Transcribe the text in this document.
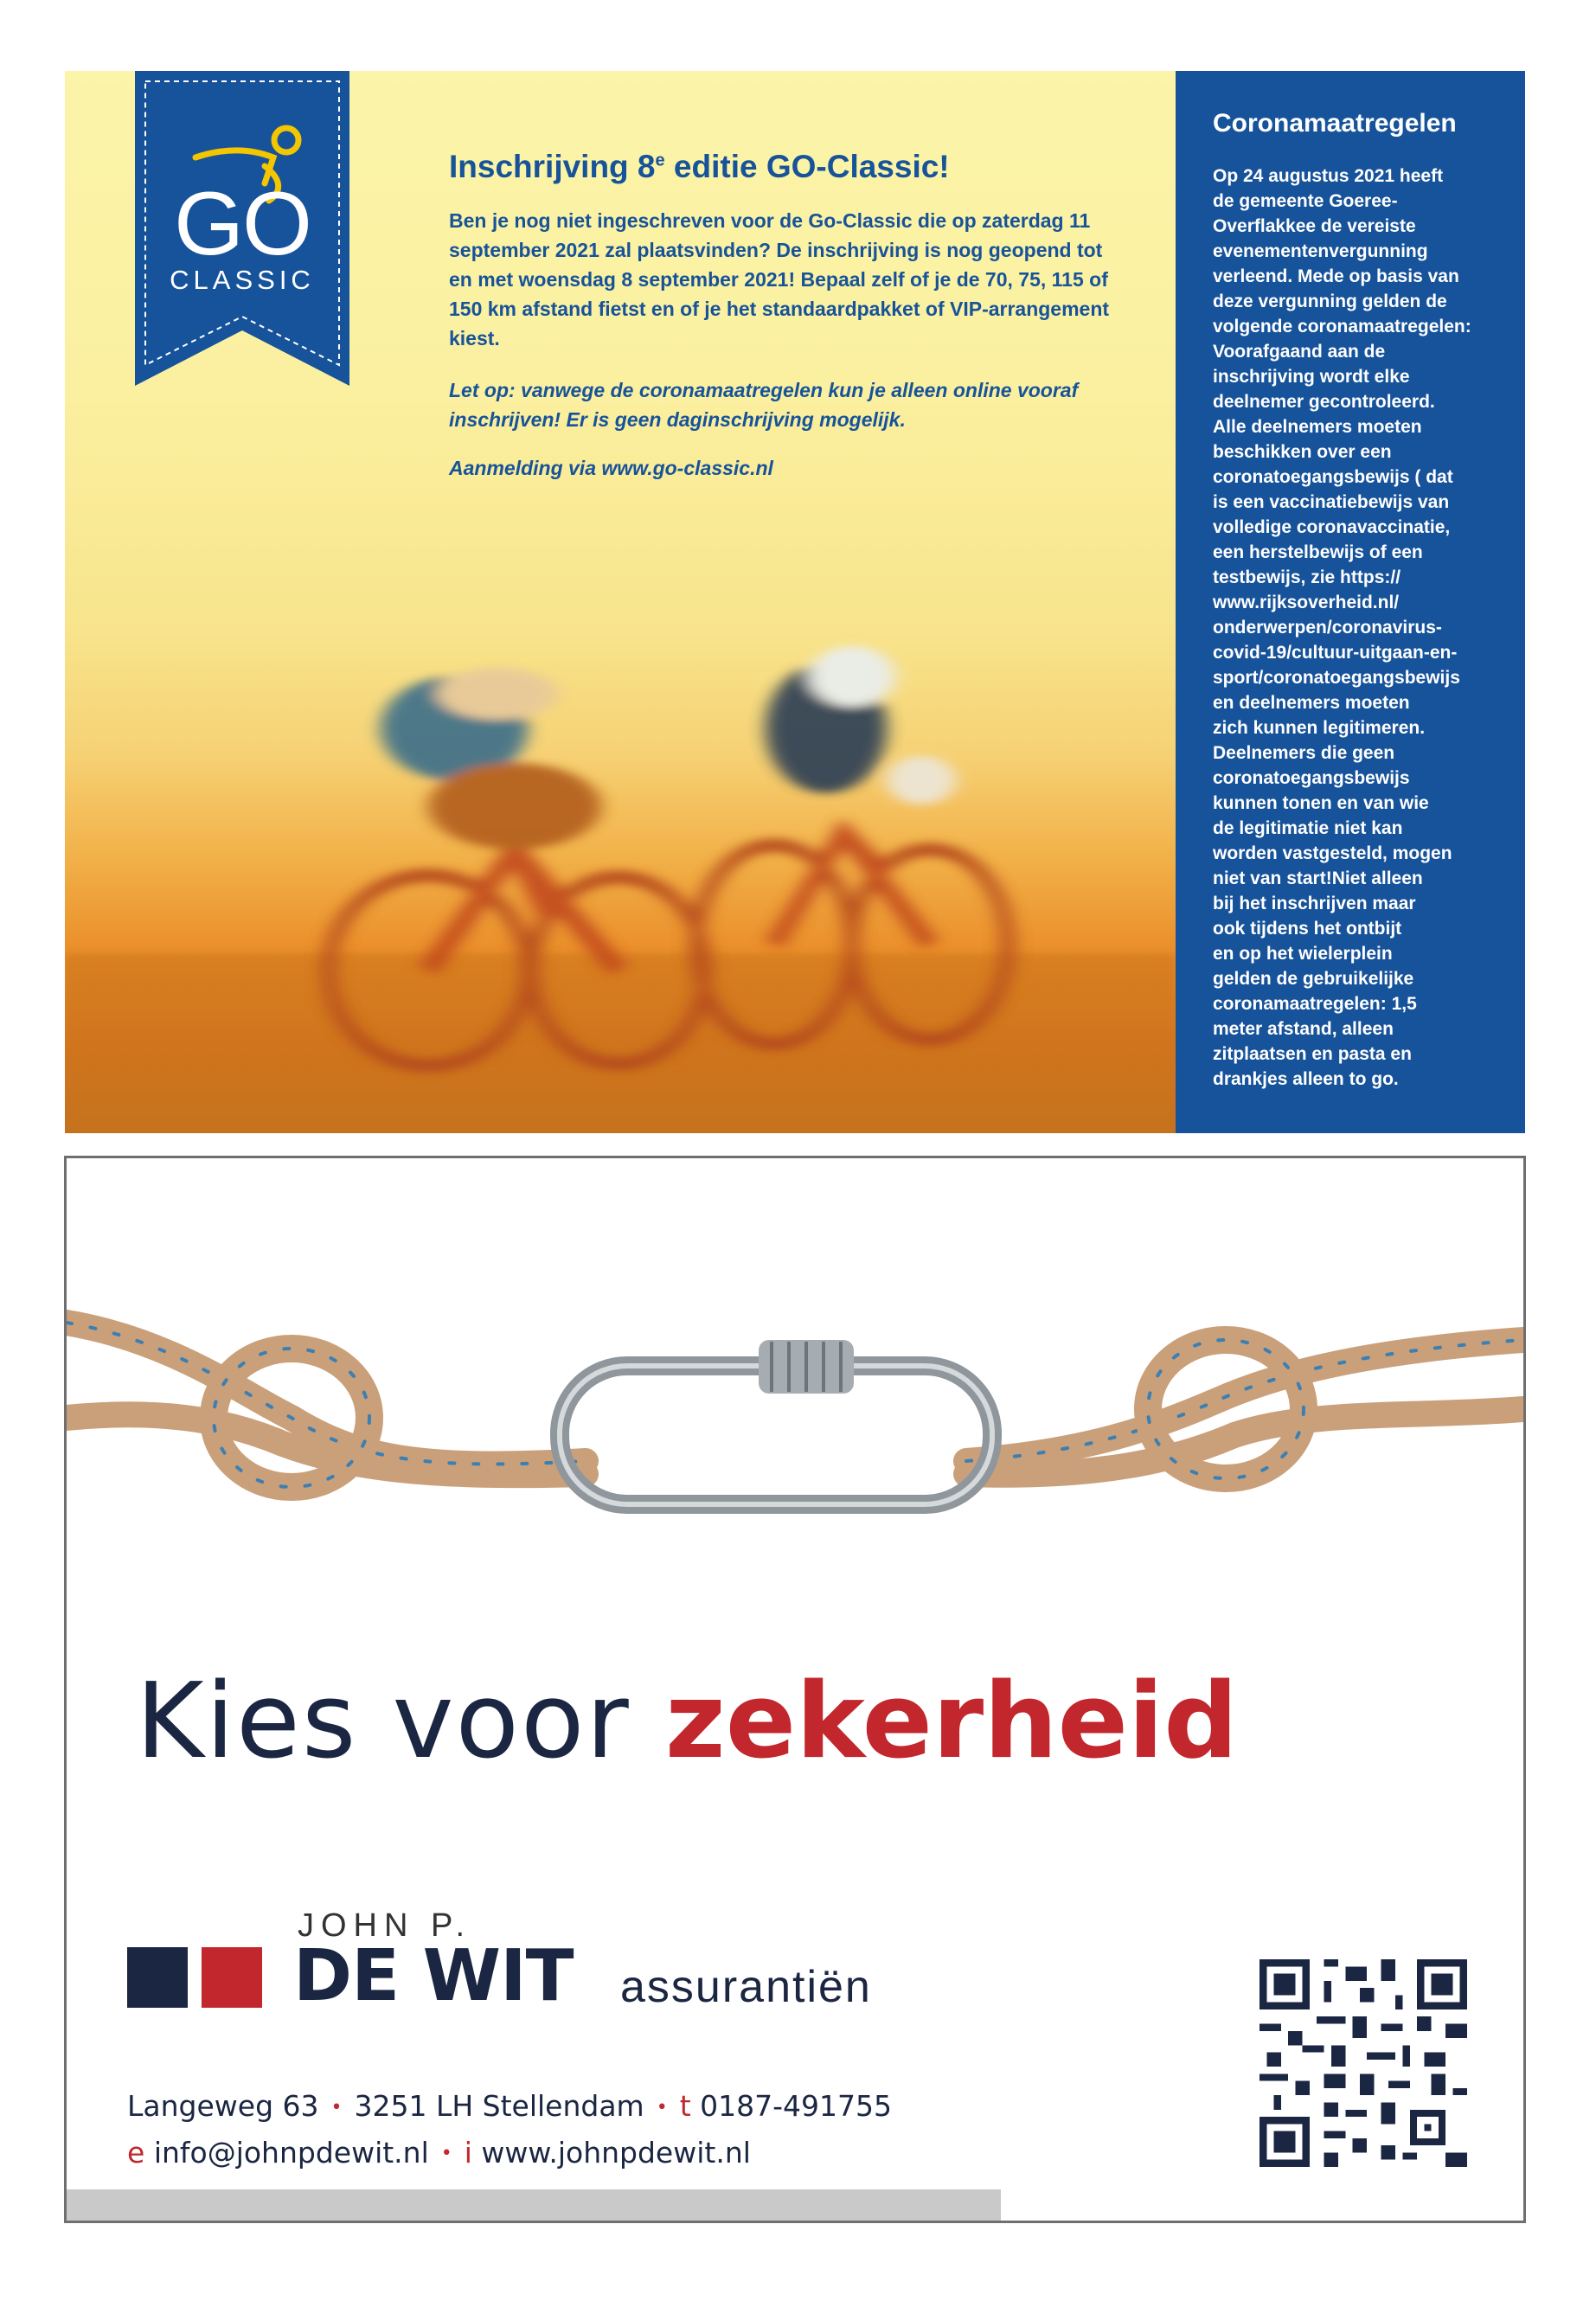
GO
CLASSIC
Inschrijving 8e editie GO-Classic!

Ben je nog niet ingeschreven voor de Go-Classic die op zaterdag 11 september 2021 zal plaatsvinden? De inschrijving is nog geopend tot en met woensdag 8 september 2021! Bepaal zelf of je de 70, 75, 115 of 150 km afstand fietst en of je het standaardpakket of VIP-arrangement kiest.

Let op: vanwege de coronamaatregelen kun je alleen online vooraf inschrijven! Er is geen daginschrijving mogelijk.

Aanmelding via www.go-classic.nl

Coronamaatregelen
Op 24 augustus 2021 heeft
de gemeente Goeree-
Overflakkee de vereiste
evenementenvergunning
verleend. Mede op basis van
deze vergunning gelden de
volgende coronamaatregelen:
Voorafgaand aan de
inschrijving wordt elke
deelnemer gecontroleerd.
Alle deelnemers moeten
beschikken over een
coronatoegangsbewijs ( dat
is een vaccinatiebewijs van
volledige coronavaccinatie,
een herstelbewijs of een
testbewijs, zie https://
www.rijksoverheid.nl/
onderwerpen/coronavirus-
covid-19/cultuur-uitgaan-en-
sport/coronatoegangsbewijs
en deelnemers moeten
zich kunnen legitimeren.
Deelnemers die geen
coronatoegangsbewijs
kunnen tonen en van wie
de legitimatie niet kan
worden vastgesteld, mogen
niet van start!Niet alleen
bij het inschrijven maar
ook tijdens het ontbijt
en op het wielerplein
gelden de gebruikelijke
coronamaatregelen: 1,5
meter afstand, alleen
zitplaatsen en pasta en
drankjes alleen to go.
Kies voor zekerheid
JOHN P.
DE WIT assurantiën
Langeweg 63 • 3251 LH Stellendam • t 0187-491755
e info@johnpdewit.nl • i www.johnpdewit.nl
